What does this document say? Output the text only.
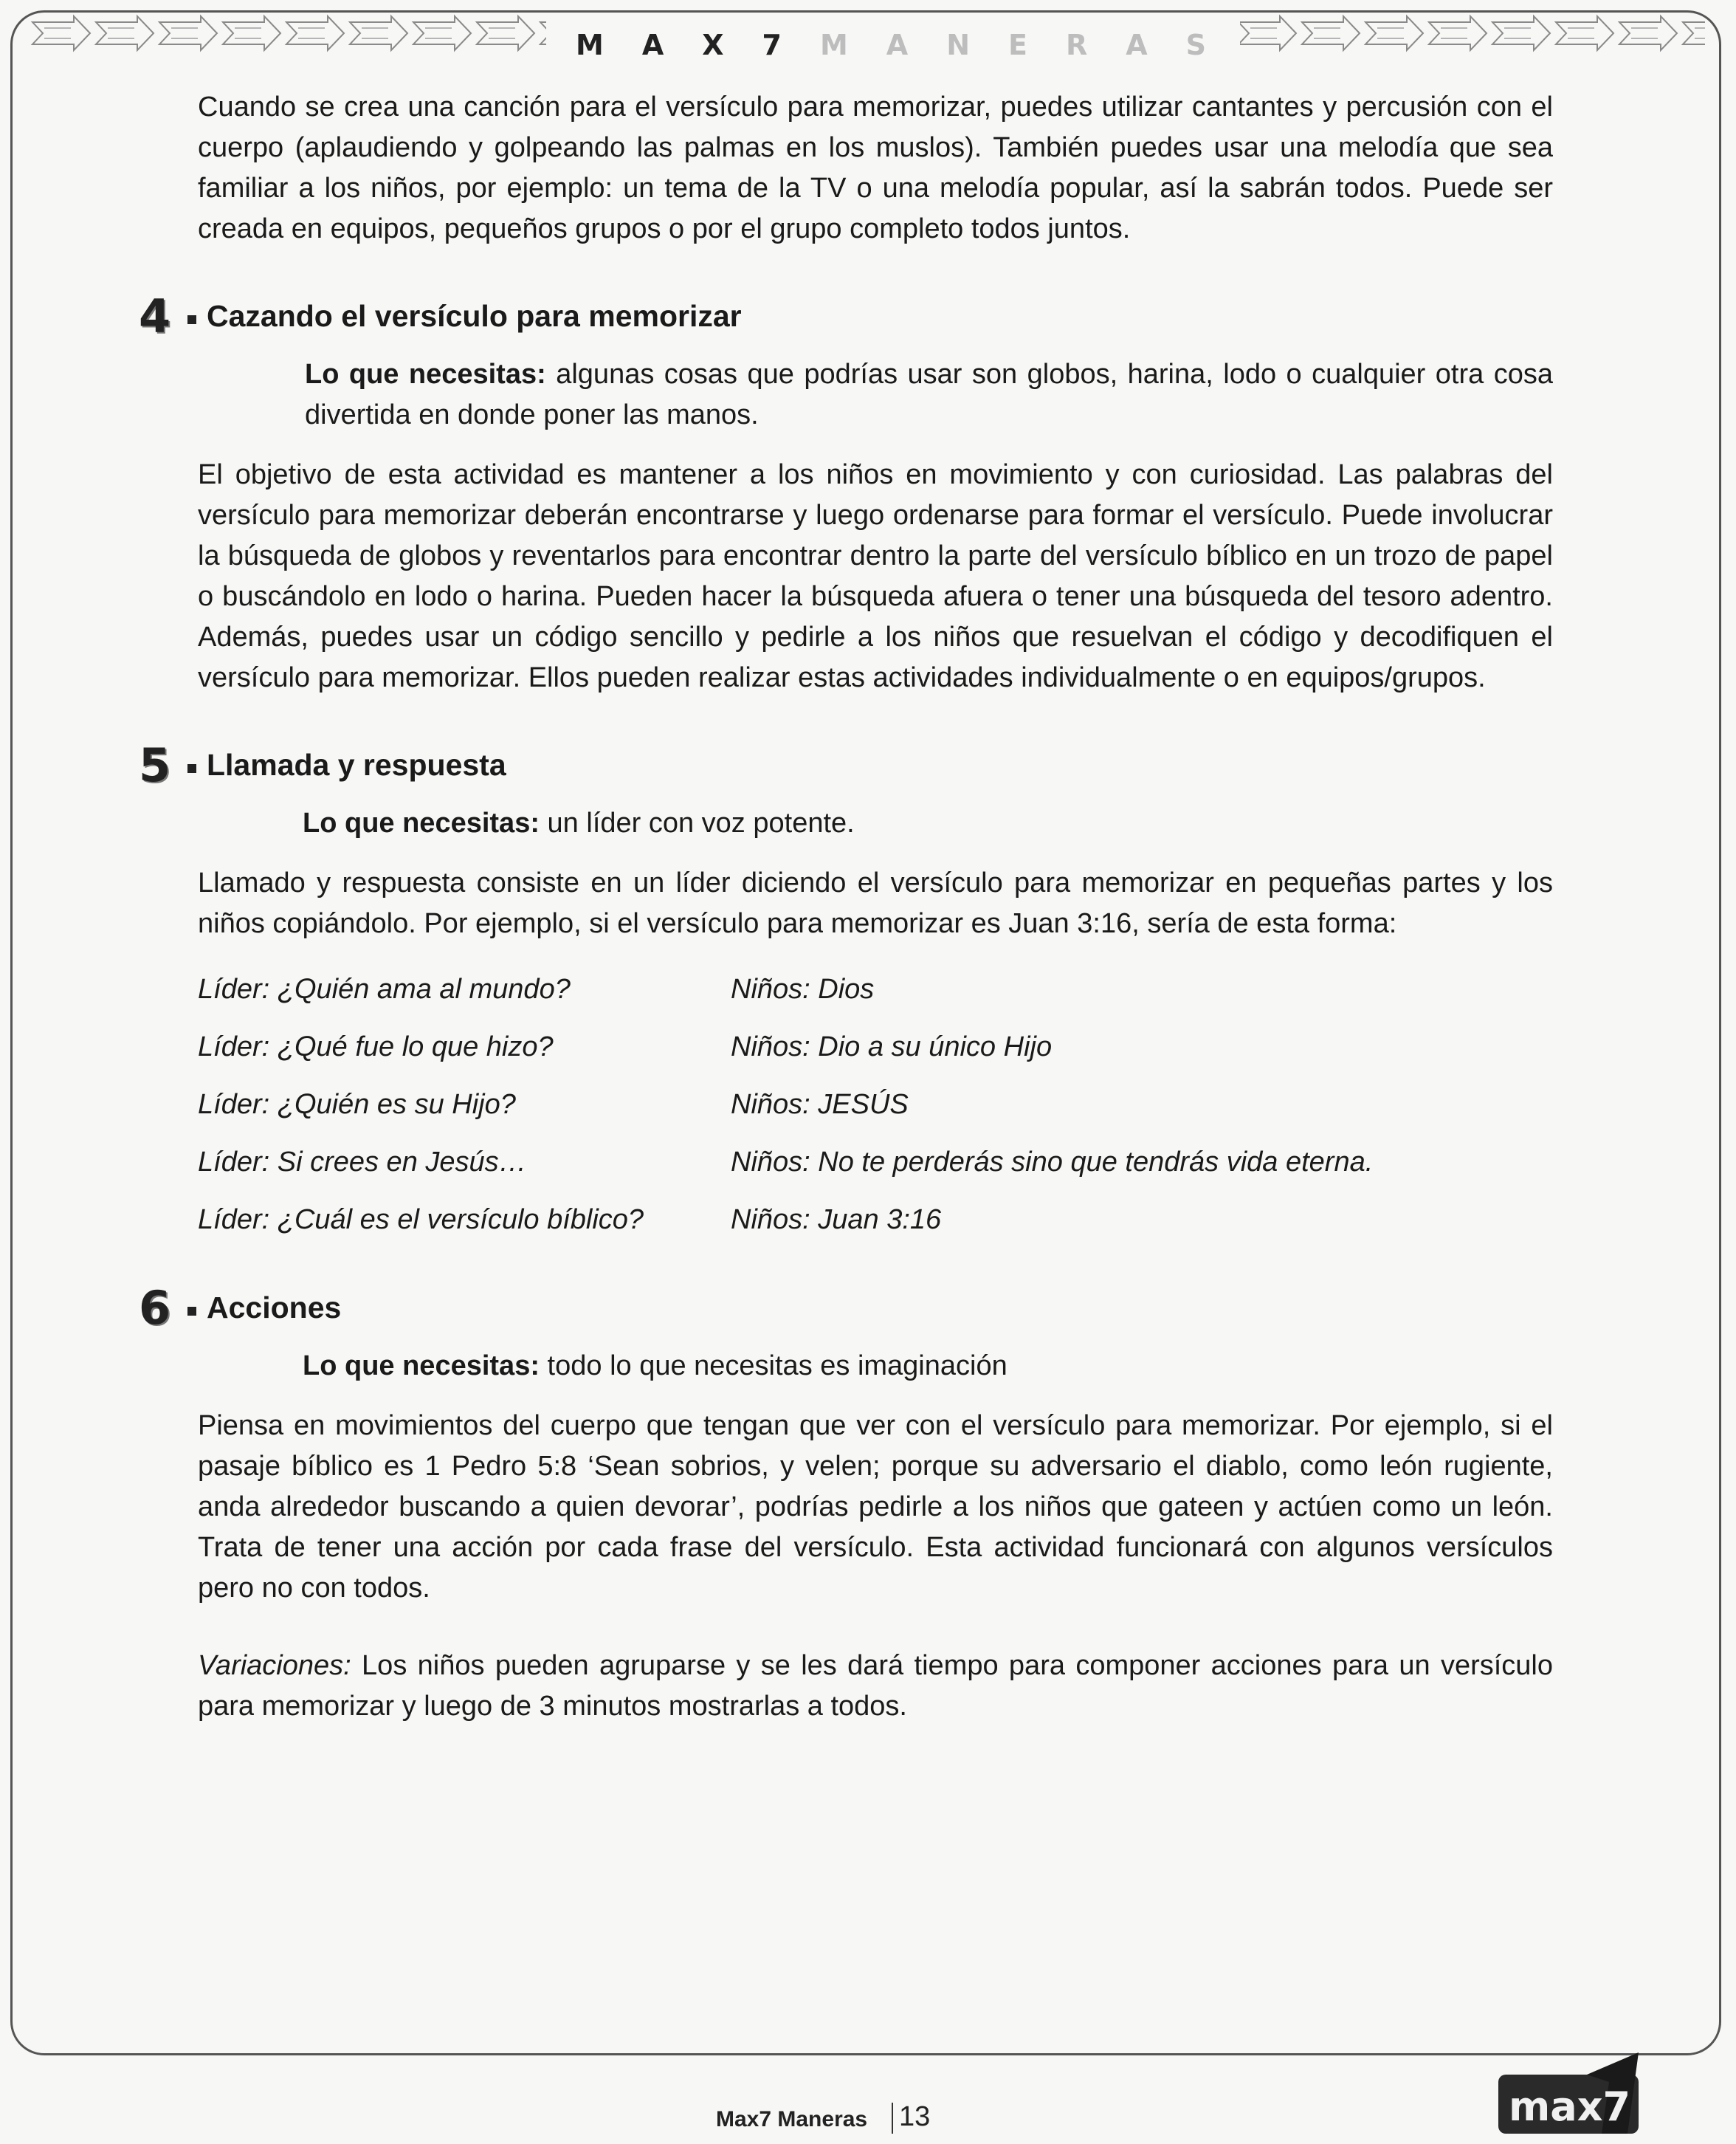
MAX7 MANERAS

Cuando se crea una canción para el versículo para memorizar, puedes utilizar cantantes y percusión con el cuerpo (aplaudiendo y golpeando las palmas en los muslos). También puedes usar una melodía que sea familiar a los niños, por ejemplo: un tema de la TV o una melodía popular, así la sabrán todos. Puede ser creada en equipos, pequeños grupos o por el grupo completo todos juntos.

4	Cazando el versículo para memorizar

Lo que necesitas: algunas cosas que podrías usar son globos, harina, lodo o cualquier otra cosa divertida en donde poner las manos.

El objetivo de esta actividad es mantener a los niños en movimiento y con curiosidad. Las palabras del versículo para memorizar deberán encontrarse y luego ordenarse para formar el versículo. Puede involucrar la búsqueda de globos y reventarlos para encontrar dentro la parte del versículo bíblico en un trozo de papel o buscándolo en lodo o harina. Pueden hacer la búsqueda afuera o tener una búsqueda del tesoro adentro. Además, puedes usar un código sencillo y pedirle a los niños que resuelvan el código y decodifiquen el versículo para memorizar. Ellos pueden realizar estas actividades individualmente o en equipos/grupos.

5	Llamada y respuesta

Lo que necesitas: un líder con voz potente.

Llamado y respuesta consiste en un líder diciendo el versículo para memorizar en pequeñas partes y los niños copiándolo. Por ejemplo, si el versículo para memorizar es Juan 3:16, sería de esta forma:

Líder: ¿Quién ama al mundo?	Niños: Dios
Líder: ¿Qué fue lo que hizo?	Niños: Dio a su único Hijo
Líder: ¿Quién es su Hijo?	Niños: JESÚS
Líder: Si crees en Jesús…	Niños: No te perderás sino que tendrás vida eterna.
Líder: ¿Cuál es el versículo bíblico?	Niños: Juan 3:16
6	Acciones

Lo que necesitas: todo lo que necesitas es imaginación

Piensa en movimientos del cuerpo que tengan que ver con el versículo para memorizar. Por ejemplo, si el pasaje bíblico es 1 Pedro 5:8 ‘Sean sobrios, y velen; porque su adversario el diablo, como león rugiente, anda alrededor buscando a quien devorar’, podrías pedirle a los niños que gateen y actúen como un león. Trata de tener una acción por cada frase del versículo. Esta actividad funcionará con algunos versículos pero no con todos.

Variaciones: Los niños pueden agruparse y se les dará tiempo para componer acciones para un versículo para memorizar y luego de 3 minutos mostrarlas a todos.

Max7 Maneras 13	max7
